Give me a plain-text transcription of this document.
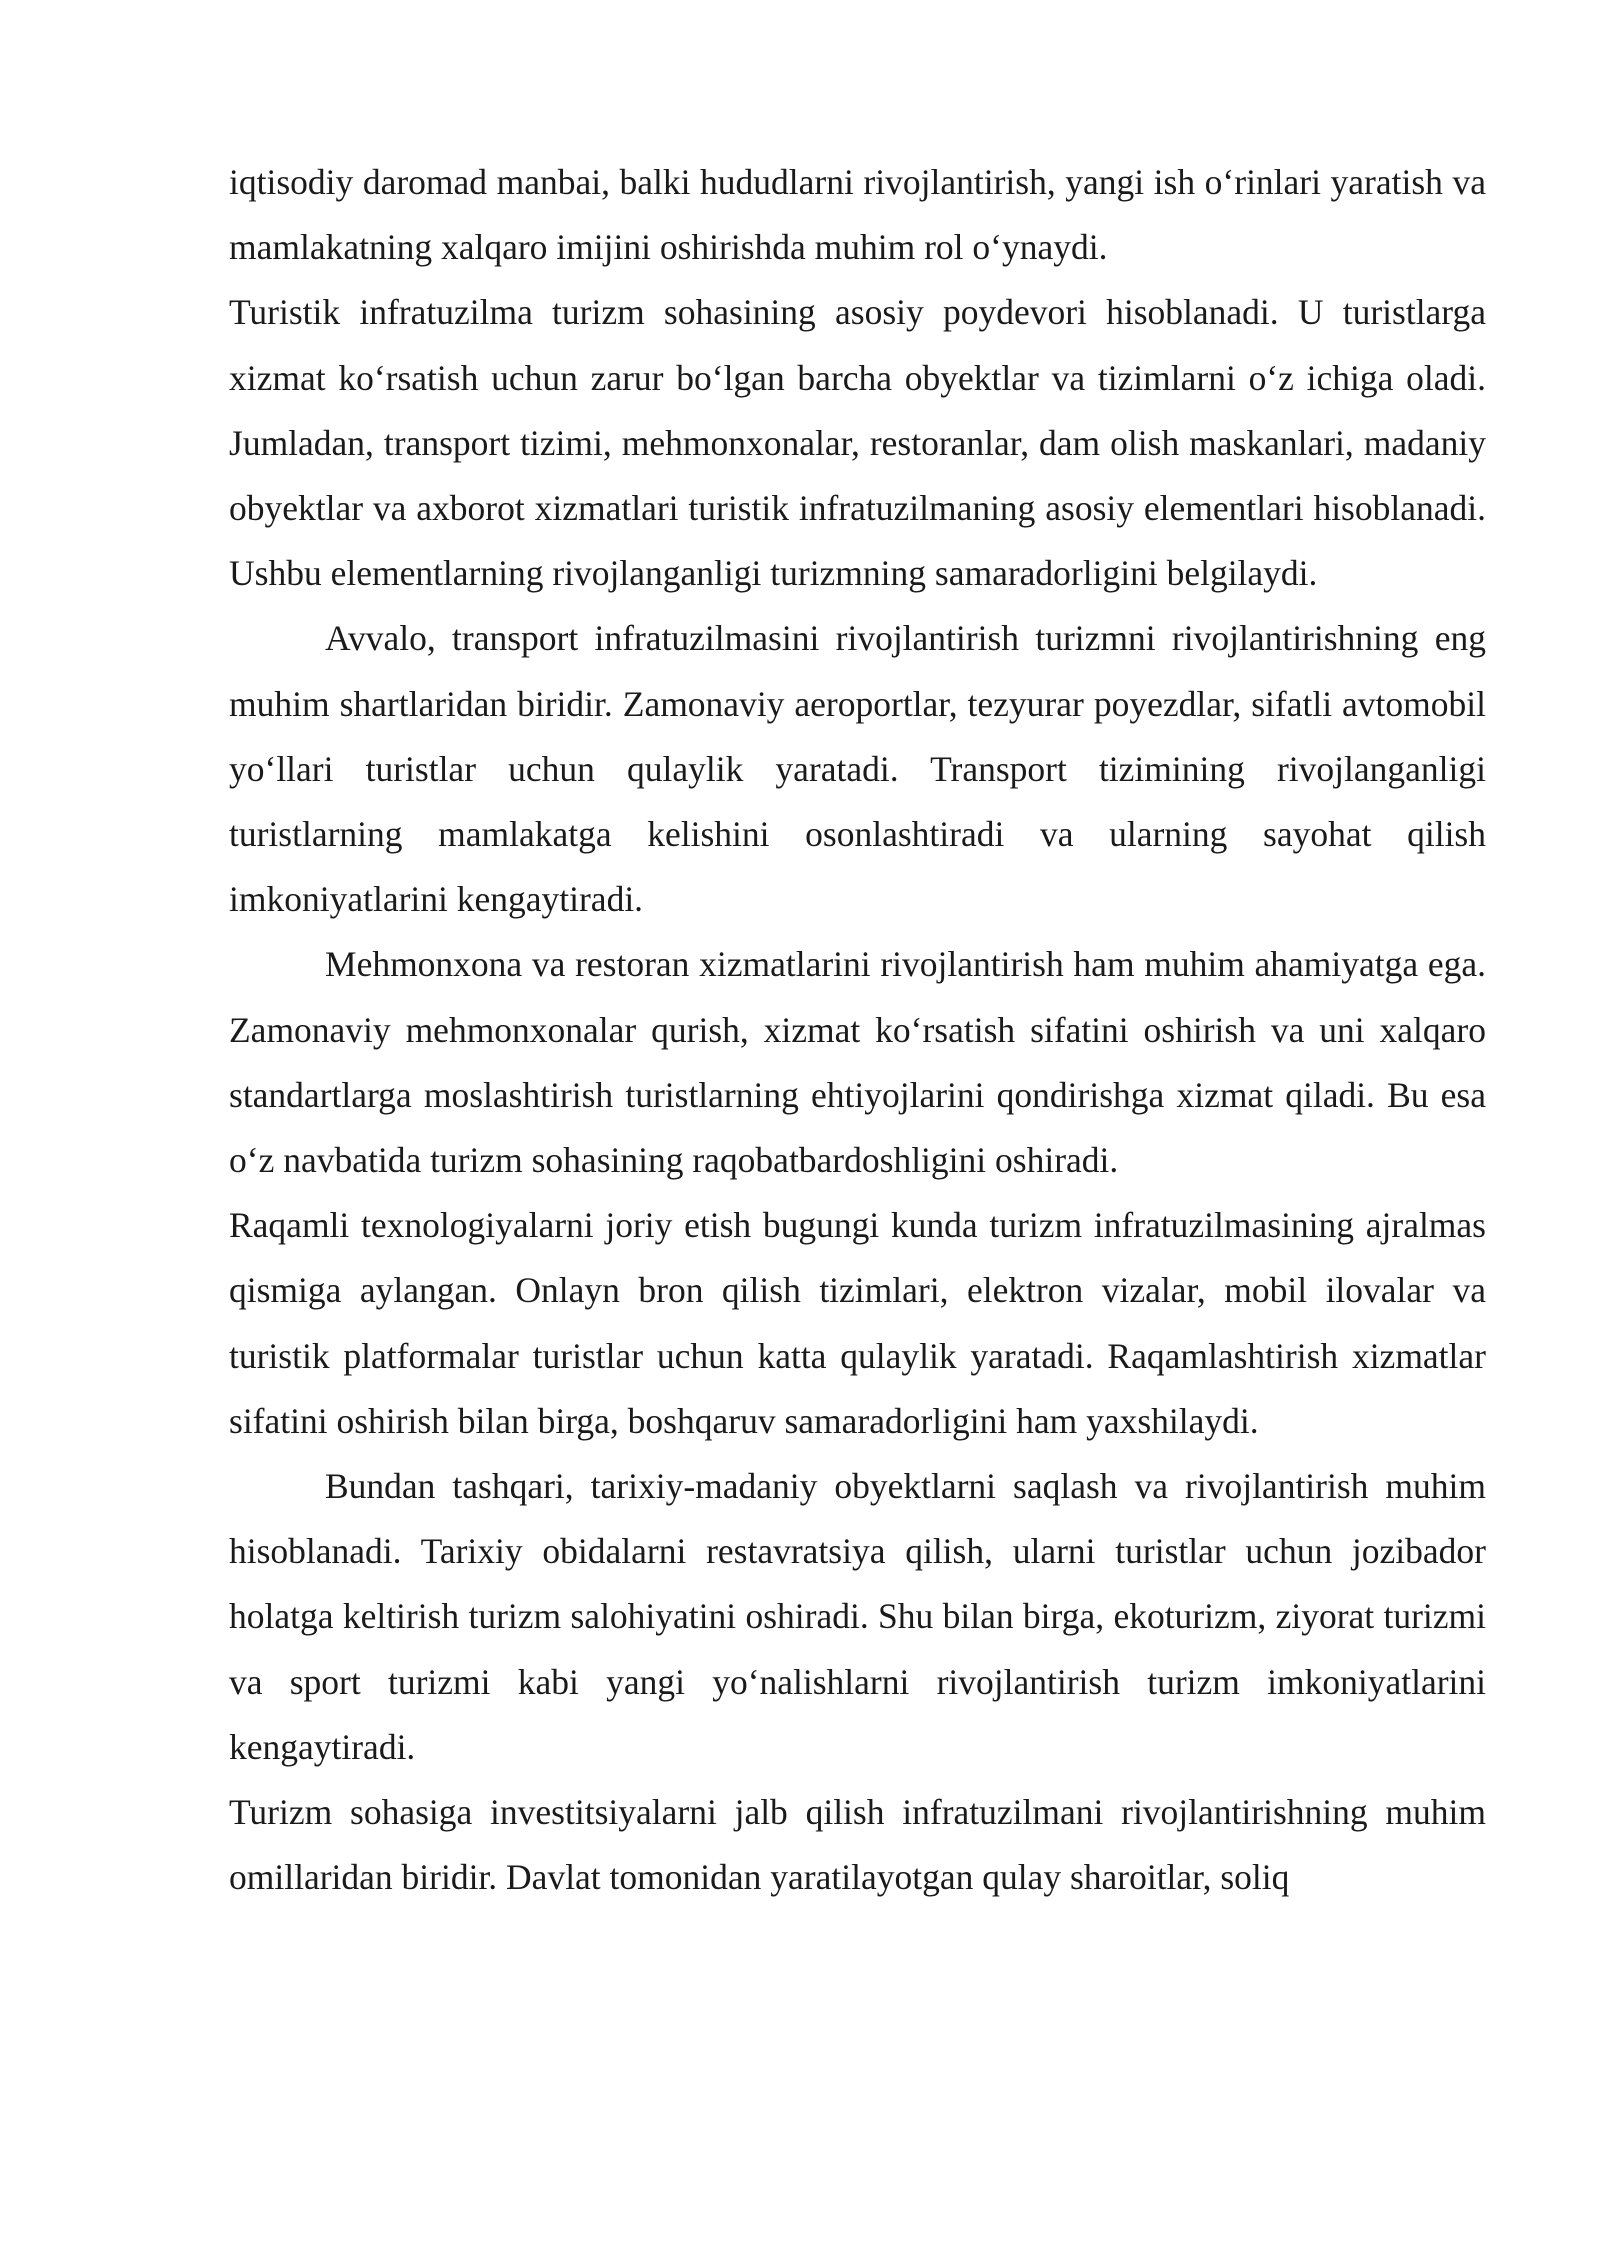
iqtisodiy daromad manbai, balki hududlarni rivojlantirish, yangi ish o‘rinlari yaratish va mamlakatning xalqaro imijini oshirishda muhim rol o‘ynaydi.

Turistik infratuzilma turizm sohasining asosiy poydevori hisoblanadi. U turistlarga xizmat ko‘rsatish uchun zarur bo‘lgan barcha obyektlar va tizimlarni o‘z ichiga oladi. Jumladan, transport tizimi, mehmonxonalar, restoranlar, dam olish maskanlari, madaniy obyektlar va axborot xizmatlari turistik infratuzilmaning asosiy elementlari hisoblanadi. Ushbu elementlarning rivojlanganligi turizmning samaradorligini belgilaydi.

Avvalo, transport infratuzilmasini rivojlantirish turizmni rivojlantirishning eng muhim shartlaridan biridir. Zamonaviy aeroportlar, tezyurar poyezdlar, sifatli avtomobil yo‘llari turistlar uchun qulaylik yaratadi. Transport tizimining rivojlanganligi turistlarning mamlakatga kelishini osonlashtiradi va ularning sayohat qilish imkoniyatlarini kengaytiradi.

Mehmonxona va restoran xizmatlarini rivojlantirish ham muhim ahamiyatga ega. Zamonaviy mehmonxonalar qurish, xizmat ko‘rsatish sifatini oshirish va uni xalqaro standartlarga moslashtirish turistlarning ehtiyojlarini qondirishga xizmat qiladi. Bu esa o‘z navbatida turizm sohasining raqobatbardoshligini oshiradi.

Raqamli texnologiyalarni joriy etish bugungi kunda turizm infratuzilmasining ajralmas qismiga aylangan. Onlayn bron qilish tizimlari, elektron vizalar, mobil ilovalar va turistik platformalar turistlar uchun katta qulaylik yaratadi. Raqamlashtirish xizmatlar sifatini oshirish bilan birga, boshqaruv samaradorligini ham yaxshilaydi.

Bundan tashqari, tarixiy-madaniy obyektlarni saqlash va rivojlantirish muhim hisoblanadi. Tarixiy obidalarni restavratsiya qilish, ularni turistlar uchun jozibador holatga keltirish turizm salohiyatini oshiradi. Shu bilan birga, ekoturizm, ziyorat turizmi va sport turizmi kabi yangi yo‘nalishlarni rivojlantirish turizm imkoniyatlarini kengaytiradi.

Turizm sohasiga investitsiyalarni jalb qilish infratuzilmani rivojlantirishning muhim omillaridan biridir. Davlat tomonidan yaratilayotgan qulay sharoitlar, soliq
